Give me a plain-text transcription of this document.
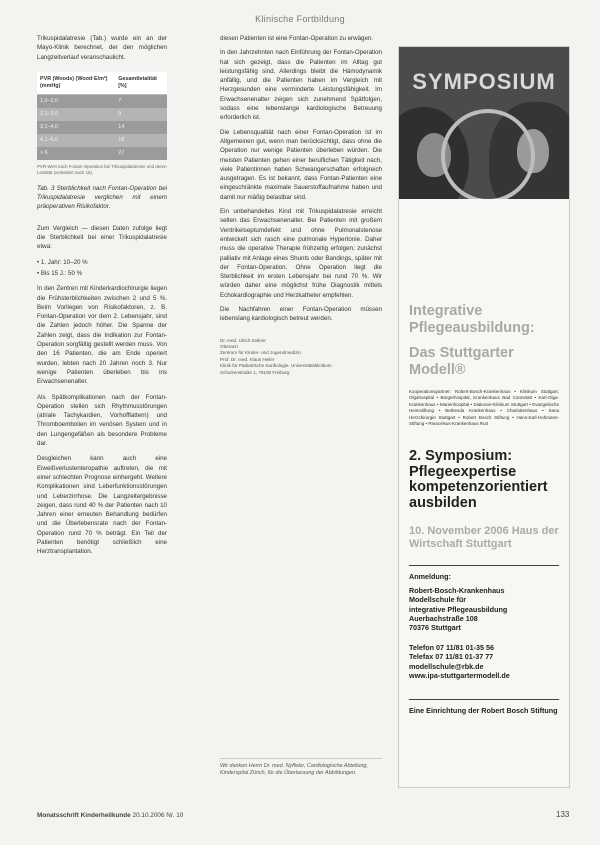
Klinische Fortbildung

Trikuspidalatresie (Tab.) wurde ein an der Mayo-Klinik berechnet, der den möglichen Langzeitverlauf veranschaulicht.

PVR (Woods) (Wood·E/m²)(mmHg)	Gesamtletalität [%]
1,0–2,0	7
2,1–3,0	9
3,1–4,0	14
4,1–6,0	18
> 6	27
PVR-Wert nach Fontan-Operation bei Trikuspidalatresie und deren Letalität (verändert nach 15).

Tab. 3 Sterblichkeit nach Fontan-Operation bei Trikuspidalatresie verglichen mit einem präoperativen Risikofaktor.

Zum Vergleich — diesen Daten zufolge liegt die Sterblichkeit bei einer Trikuspidalatresie etwa:

• 1. Jahr: 10–20 %
• Bis 15 J.: 50 %

In den Zentren mit Kinderkardiochirurgie liegen die Frühsterblichkeiten zwischen 2 und 5 %. Beim Vorliegen von Risikofaktoren, z. B. Fontan-Operation vor dem 2. Lebensjahr, sind die Zahlen jedoch höher. Die Spanne der Zahlen zeigt, dass die Indikation zur Fontan-Operation sorgfältig gestellt werden muss. Von den 16 Patienten, die am Ende operiert wurden, lebten nach 20 Jahren noch 3. Nur wenige Patienten überleben bis ins Erwachsenenalter.

Als Spätkomplikationen nach der Fontan-Operation stellen sich Rhythmusstörungen (atriale Tachykardien, Vorhofflattern) und Thromboembolien im venösen System und in den Lungengefäßen als besondere Probleme dar.

Desgleichen kann auch eine Eiweißverlustenteropathie auftreten, die mit einer schlechten Prognose einhergeht. Weitere Komplikationen sind Leberfunktionsstörungen und Leberzirrhose. Die Langzeitergebnisse zeigen, dass rund 40 % der Patienten nach 10 Jahren einer erneuten Behandlung bedürfen und die Überlebensrate nach der Fontan-Operation rund 70 % beträgt. Ein Teil der Patienten benötigt schließlich eine Herztransplantation.

diesen Patienten ist eine Fontan-Operation zu erwägen.

In den Jahrzehnten nach Einführung der Fontan-Operation hat sich gezeigt, dass die Patienten im Alltag gut leistungsfähig sind. Allerdings bleibt die Hämodynamik anfällig, und die Patienten haben im Vergleich mit Herzgesunden eine verminderte Leistungsfähigkeit. Im Erwachsenenalter zeigen sich zunehmend Spätfolgen, sodass eine lebenslange kardiologische Betreuung erforderlich ist.

Die Lebensqualität nach einer Fontan-Operation ist im Allgemeinen gut, wenn man berücksichtigt, dass ohne die Operation nur wenige Patienten überleben würden. Die meisten Patienten gehen einer beruflichen Tätigkeit nach, viele Patientinnen haben Schwangerschaften erfolgreich ausgetragen. Es ist bekannt, dass Fontan-Patienten eine eingeschränkte maximale Sauerstoffaufnahme haben und damit nur mäßig belastbar sind.

Ein unbehandeltes Kind mit Trikuspidalatresie erreicht selten das Erwachsenenalter. Bei Patienten mit großem Ventrikelseptumdefekt und ohne Pulmonalstenose entwickelt sich rasch eine pulmonale Hypertonie. Daher muss die operative Therapie frühzeitig erfolgen; zunächst palliativ mit Anlage eines Shunts oder Bandings, später mit der Fontan-Operation. Ohne Operation liegt die Sterblichkeit im ersten Lebensjahr bei rund 70 %. Wir würden daher eine möglichst frühe Diagnostik mittels Echokardiographie und Herzkatheter empfehlen.

Die Nachfahren einer Fontan-Operation müssen lebenslang kardiologisch betreut werden.

Dr. med. Ulrich Zeitner
Oberarzt
Zentrum für Kinder- und Jugendmedizin
Prof. Dr. med. Klaus Heiler
Klinik für Pädiatrische Kardiologie, Universitätsklinikum
Schulzenstraße 1, 79106 Freiburg
Wir danken Herrn Dr. med. Nyffeler, Cardiologische Abteilung, Kinderspital Zürich, für die Überlassung der Abbildungen.
SYMPOSIUM
Integrative Pflegeausbildung:
Das Stuttgarter Modell®
Kooperationspartner: Robert-Bosch-Krankenhaus • Klinikum Stuttgart, Olgahospital • Bürgerhospital, Krankenhaus Bad Cannstatt • Karl-Olga-Krankenhaus • Marienhospital • Diakonie-Klinikum Stuttgart • Evangelische Heimstiftung • Bethesda Krankenhaus • Charlottenhaus • Sana Herzchirurgie Stuttgart • Robert Bosch Stiftung • Hans-Karl-Hohmann-Stiftung • Paracelsus-Krankenhaus Ruit
2. Symposium: Pflegeexpertise kompetenzorientiert ausbilden
10. November 2006 Haus der Wirtschaft Stuttgart
Anmeldung:
Robert-Bosch-Krankenhaus
Modellschule für
integrative Pflegeausbildung
Auerbachstraße 108
70376 Stuttgart
Telefon 07 11/81 01-35 56
Telefax 07 11/81 01-37 77
modellschule@rbk.de
www.ipa-stuttgartermodell.de
Eine Einrichtung der Robert Bosch Stiftung
Monatsschrift Kinderheilkunde 20.10.2006 Nr. 10	133
